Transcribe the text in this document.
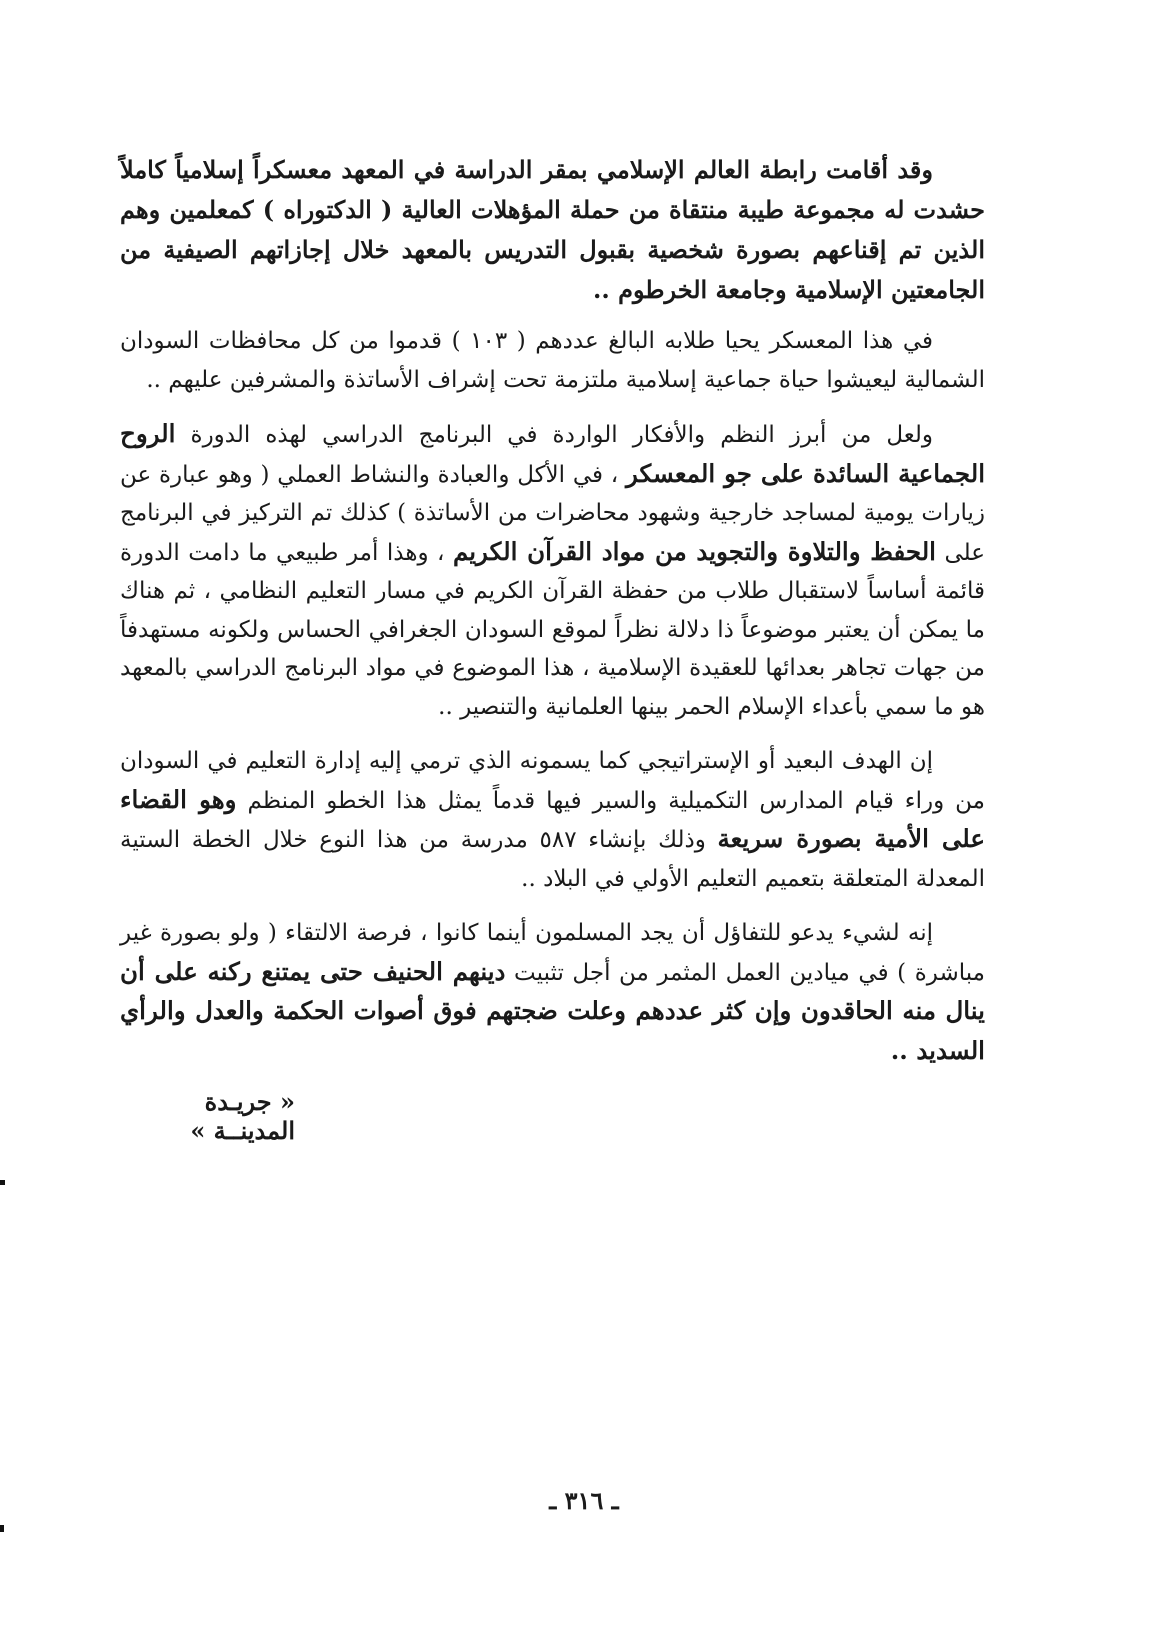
وقد أقامت رابطة العالم الإسلامي بمقر الدراسة في المعهد معسكراً إسلامياً كاملاً حشدت له مجموعة طيبة منتقاة من حملة المؤهلات العالية ( الدكتوراه ) كمعلمين وهم الذين تم إقناعهم بصورة شخصية بقبول التدريس بالمعهد خلال إجازاتهم الصيفية من الجامعتين الإسلامية وجامعة الخرطوم ..

في هذا المعسكر يحيا طلابه البالغ عددهم ( ١٠٣ ) قدموا من كل محافظات السودان الشمالية ليعيشوا حياة جماعية إسلامية ملتزمة تحت إشراف الأساتذة والمشرفين عليهم ..

ولعل من أبرز النظم والأفكار الواردة في البرنامج الدراسي لهذه الدورة الروح الجماعية السائدة على جو المعسكر ، في الأكل والعبادة والنشاط العملي ( وهو عبارة عن زيارات يومية لمساجد خارجية وشهود محاضرات من الأساتذة ) كذلك تم التركيز في البرنامج على الحفظ والتلاوة والتجويد من مواد القرآن الكريم ، وهذا أمر طبيعي ما دامت الدورة قائمة أساساً لاستقبال طلاب من حفظة القرآن الكريم في مسار التعليم النظامي ، ثم هناك ما يمكن أن يعتبر موضوعاً ذا دلالة نظراً لموقع السودان الجغرافي الحساس ولكونه مستهدفاً من جهات تجاهر بعدائها للعقيدة الإسلامية ، هذا الموضوع في مواد البرنامج الدراسي بالمعهد هو ما سمي بأعداء الإسلام الحمر بينها العلمانية والتنصير ..

إن الهدف البعيد أو الإستراتيجي كما يسمونه الذي ترمي إليه إدارة التعليم في السودان من وراء قيام المدارس التكميلية والسير فيها قدماً يمثل هذا الخطو المنظم وهو القضاء على الأمية بصورة سريعة وذلك بإنشاء ٥٨٧ مدرسة من هذا النوع خلال الخطة الستية المعدلة المتعلقة بتعميم التعليم الأولي في البلاد ..

إنه لشيء يدعو للتفاؤل أن يجد المسلمون أينما كانوا ، فرصة الالتقاء ( ولو بصورة غير مباشرة ) في ميادين العمل المثمر من أجل تثبيت دينهم الحنيف حتى يمتنع ركنه على أن ينال منه الحاقدون وإن كثر عددهم وعلت ضجتهم فوق أصوات الحكمة والعدل والرأي السديد ..

« جريـدة المدينــة »
ـ ٣١٦ ـ
